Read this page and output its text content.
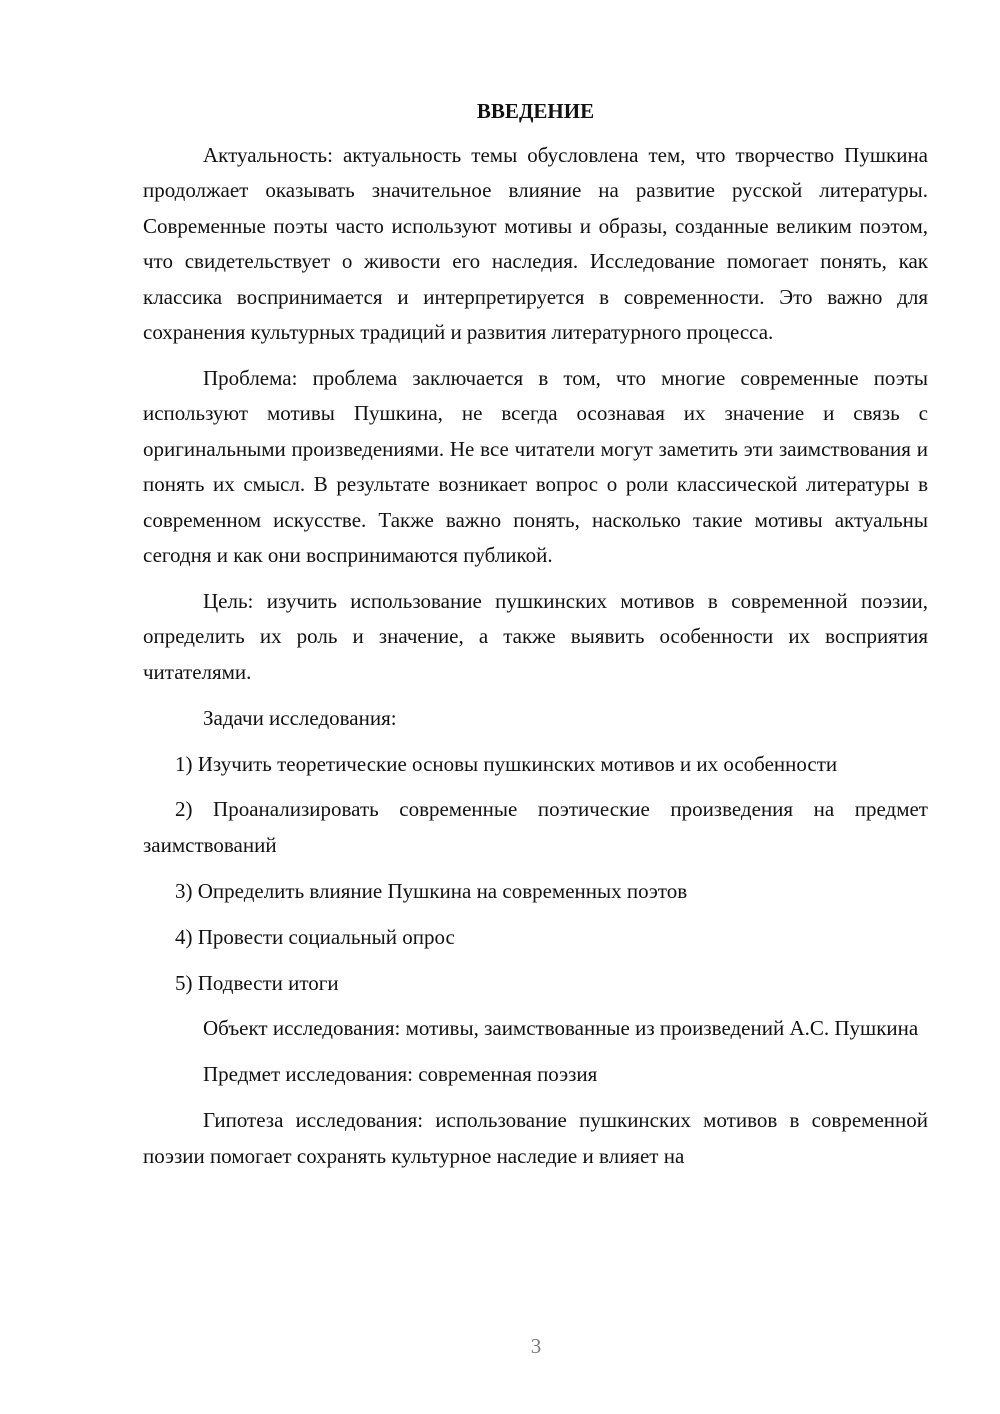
ВВЕДЕНИЕ

Актуальность: актуальность темы обусловлена тем, что творчество Пушкина продолжает оказывать значительное влияние на развитие русской литературы. Современные поэты часто используют мотивы и образы, созданные великим поэтом, что свидетельствует о живости его наследия. Исследование помогает понять, как классика воспринимается и интерпретируется в современности. Это важно для сохранения культурных традиций и развития литературного процесса.

Проблема: проблема заключается в том, что многие современные поэты используют мотивы Пушкина, не всегда осознавая их значение и связь с оригинальными произведениями. Не все читатели могут заметить эти заимствования и понять их смысл. В результате возникает вопрос о роли классической литературы в современном искусстве. Также важно понять, насколько такие мотивы актуальны сегодня и как они воспринимаются публикой.

Цель: изучить использование пушкинских мотивов в современной поэзии, определить их роль и значение, а также выявить особенности их восприятия читателями.

Задачи исследования:

1) Изучить теоретические основы пушкинских мотивов и их особенности

2) Проанализировать современные поэтические произведения на предмет заимствований

3) Определить влияние Пушкина на современных поэтов

4) Провести социальный опрос

5) Подвести итоги

Объект исследования: мотивы, заимствованные из произведений А.С. Пушкина

Предмет исследования: современная поэзия

Гипотеза исследования: использование пушкинских мотивов в современной поэзии помогает сохранять культурное наследие и влияет на

3
